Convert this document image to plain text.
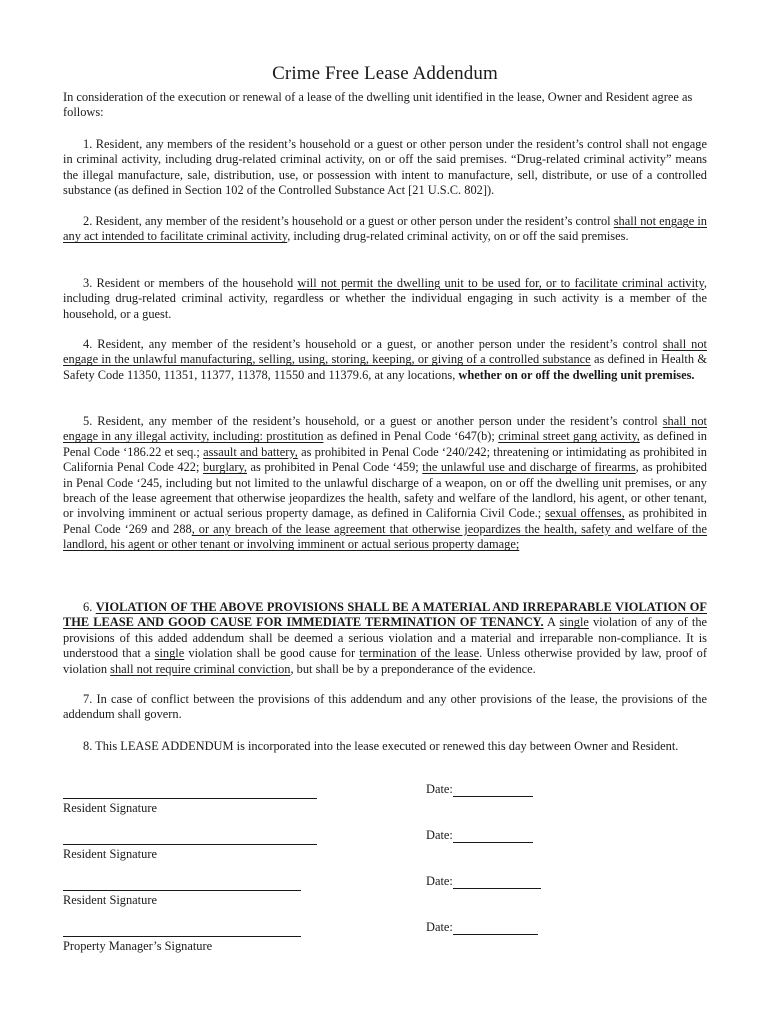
Crime Free Lease Addendum

In consideration of the execution or renewal of a lease of the dwelling unit identified in the lease, Owner and Resident agree as follows:

1. Resident, any members of the resident’s household or a guest or other person under the resident’s control shall not engage in criminal activity, including drug-related criminal activity, on or off the said premises. “Drug-related criminal activity” means the illegal manufacture, sale, distribution, use, or possession with intent to manufacture, sell, distribute, or use of a controlled substance (as defined in Section 102 of the Controlled Substance Act [21 U.S.C. 802]).

2. Resident, any member of the resident’s household or a guest or other person under the resident’s control shall not engage in any act intended to facilitate criminal activity, including drug-related criminal activity, on or off the said premises.

3. Resident or members of the household will not permit the dwelling unit to be used for, or to facilitate criminal activity, including drug-related criminal activity, regardless or whether the individual engaging in such activity is a member of the household, or a guest.

4. Resident, any member of the resident’s household or a guest, or another person under the resident’s control shall not engage in the unlawful manufacturing, selling, using, storing, keeping, or giving of a controlled substance as defined in Health & Safety Code 11350, 11351, 11377, 11378, 11550 and 11379.6, at any locations, whether on or off the dwelling unit premises.

5. Resident, any member of the resident’s household, or a guest or another person under the resident’s control shall not engage in any illegal activity, including: prostitution as defined in Penal Code ‘647(b); criminal street gang activity, as defined in Penal Code ‘186.22 et seq.; assault and battery, as prohibited in Penal Code ‘240/242; threatening or intimidating as prohibited in California Penal Code 422; burglary, as prohibited in Penal Code ‘459; the unlawful use and discharge of firearms, as prohibited in Penal Code ‘245, including but not limited to the unlawful discharge of a weapon, on or off the dwelling unit premises, or any breach of the lease agreement that otherwise jeopardizes the health, safety and welfare of the landlord, his agent, or other tenant, or involving imminent or actual serious property damage, as defined in California Civil Code.; sexual offenses, as prohibited in Penal Code ‘269 and 288, or any breach of the lease agreement that otherwise jeopardizes the health, safety and welfare of the landlord, his agent or other tenant or involving imminent or actual serious property damage;

6. VIOLATION OF THE ABOVE PROVISIONS SHALL BE A MATERIAL AND IRREPARABLE VIOLATION OF THE LEASE AND GOOD CAUSE FOR IMMEDIATE TERMINATION OF TENANCY. A single violation of any of the provisions of this added addendum shall be deemed a serious violation and a material and irreparable non-compliance. It is understood that a single violation shall be good cause for termination of the lease. Unless otherwise provided by law, proof of violation shall not require criminal conviction, but shall be by a preponderance of the evidence.

7. In case of conflict between the provisions of this addendum and any other provisions of the lease, the provisions of the addendum shall govern.

8. This LEASE ADDENDUM is incorporated into the lease executed or renewed this day between Owner and Resident.

Resident Signature
Date:
Resident Signature
Date:
Resident Signature
Date:
Property Manager’s Signature
Date:
